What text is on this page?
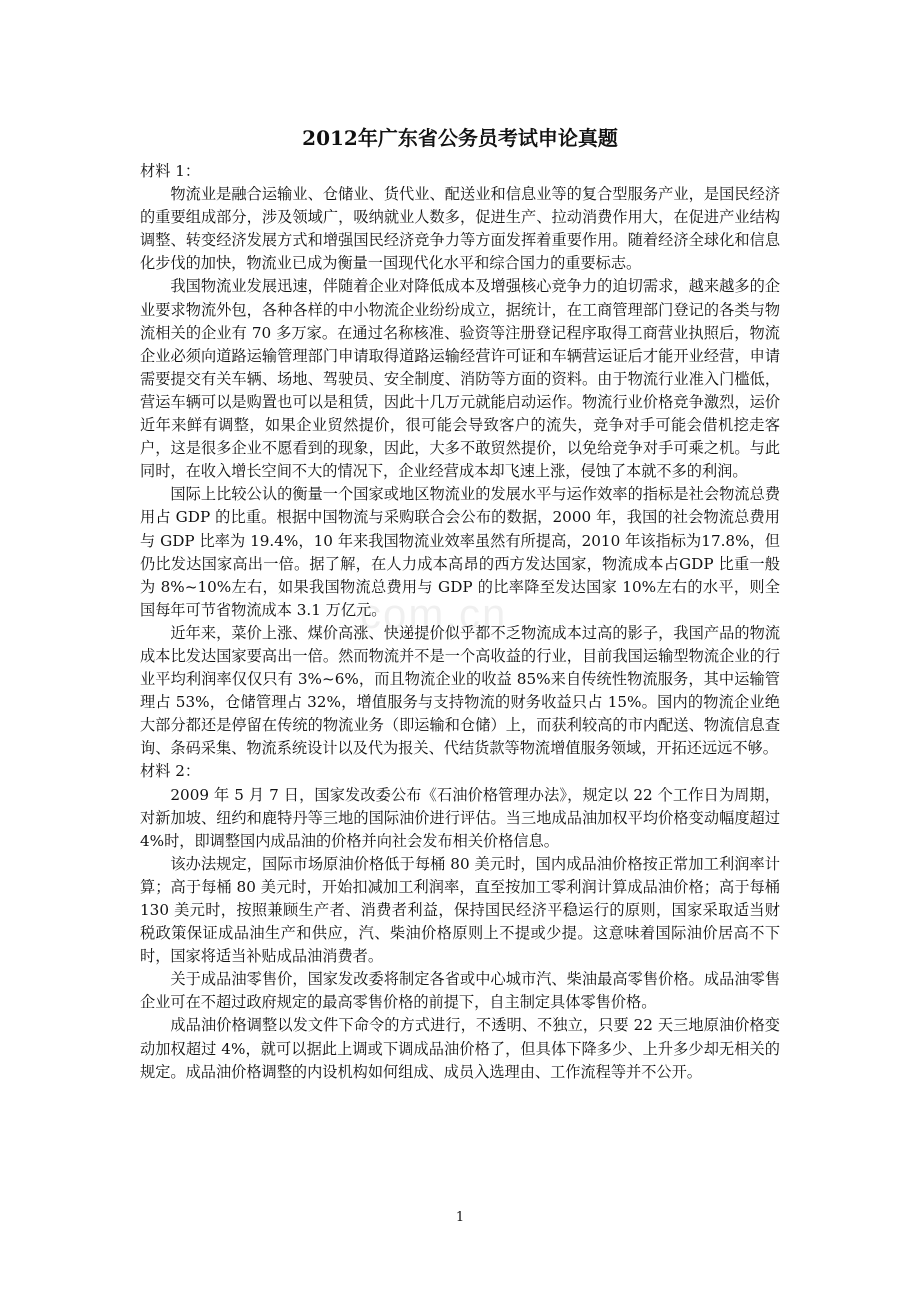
com.cn
2012年广东省公务员考试申论真题

材料 1：

物流业是融合运输业、仓储业、货代业、配送业和信息业等的复合型服务产业，是国民经济的重要组成部分，涉及领域广，吸纳就业人数多，促进生产、拉动消费作用大，在促进产业结构调整、转变经济发展方式和增强国民经济竞争力等方面发挥着重要作用。随着经济全球化和信息化步伐的加快，物流业已成为衡量一国现代化水平和综合国力的重要标志。

我国物流业发展迅速，伴随着企业对降低成本及增强核心竞争力的迫切需求，越来越多的企业要求物流外包，各种各样的中小物流企业纷纷成立，据统计，在工商管理部门登记的各类与物流相关的企业有 70 多万家。在通过名称核准、验资等注册登记程序取得工商营业执照后，物流企业必须向道路运输管理部门申请取得道路运输经营许可证和车辆营运证后才能开业经营，申请需要提交有关车辆、场地、驾驶员、安全制度、消防等方面的资料。由于物流行业准入门槛低，营运车辆可以是购置也可以是租赁，因此十几万元就能启动运作。物流行业价格竞争激烈，运价近年来鲜有调整，如果企业贸然提价，很可能会导致客户的流失，竞争对手可能会借机挖走客户，这是很多企业不愿看到的现象，因此，大多不敢贸然提价，以免给竞争对手可乘之机。与此同时，在收入增长空间不大的情况下，企业经营成本却飞速上涨，侵蚀了本就不多的利润。

国际上比较公认的衡量一个国家或地区物流业的发展水平与运作效率的指标是社会物流总费用占 GDP 的比重。根据中国物流与采购联合会公布的数据，2000 年，我国的社会物流总费用与 GDP 比率为 19.4%，10 年来我国物流业效率虽然有所提高，2010 年该指标为17.8%，但仍比发达国家高出一倍。据了解，在人力成本高昂的西方发达国家，物流成本占GDP 比重一般为 8%~10%左右，如果我国物流总费用与 GDP 的比率降至发达国家 10%左右的水平，则全国每年可节省物流成本 3.1 万亿元。

近年来，菜价上涨、煤价高涨、快递提价似乎都不乏物流成本过高的影子，我国产品的物流成本比发达国家要高出一倍。然而物流并不是一个高收益的行业，目前我国运输型物流企业的行业平均利润率仅仅只有 3%~6%，而且物流企业的收益 85%来自传统性物流服务，其中运输管理占 53%，仓储管理占 32%，增值服务与支持物流的财务收益只占 15%。国内的物流企业绝大部分都还是停留在传统的物流业务（即运输和仓储）上，而获利较高的市内配送、物流信息查询、条码采集、物流系统设计以及代为报关、代结货款等物流增值服务领域，开拓还远远不够。

材料 2：

2009 年 5 月 7 日，国家发改委公布《石油价格管理办法》，规定以 22 个工作日为周期，对新加坡、纽约和鹿特丹等三地的国际油价进行评估。当三地成品油加权平均价格变动幅度超过 4%时，即调整国内成品油的价格并向社会发布相关价格信息。

该办法规定，国际市场原油价格低于每桶 80 美元时，国内成品油价格按正常加工利润率计算；高于每桶 80 美元时，开始扣减加工利润率，直至按加工零利润计算成品油价格；高于每桶 130 美元时，按照兼顾生产者、消费者利益，保持国民经济平稳运行的原则，国家采取适当财税政策保证成品油生产和供应，汽、柴油价格原则上不提或少提。这意味着国际油价居高不下时，国家将适当补贴成品油消费者。

关于成品油零售价，国家发改委将制定各省或中心城市汽、柴油最高零售价格。成品油零售企业可在不超过政府规定的最高零售价格的前提下，自主制定具体零售价格。

成品油价格调整以发文件下命令的方式进行，不透明、不独立，只要 22 天三地原油价格变动加权超过 4%，就可以据此上调或下调成品油价格了，但具体下降多少、上升多少却无相关的规定。成品油价格调整的内设机构如何组成、成员入选理由、工作流程等并不公开。

1
